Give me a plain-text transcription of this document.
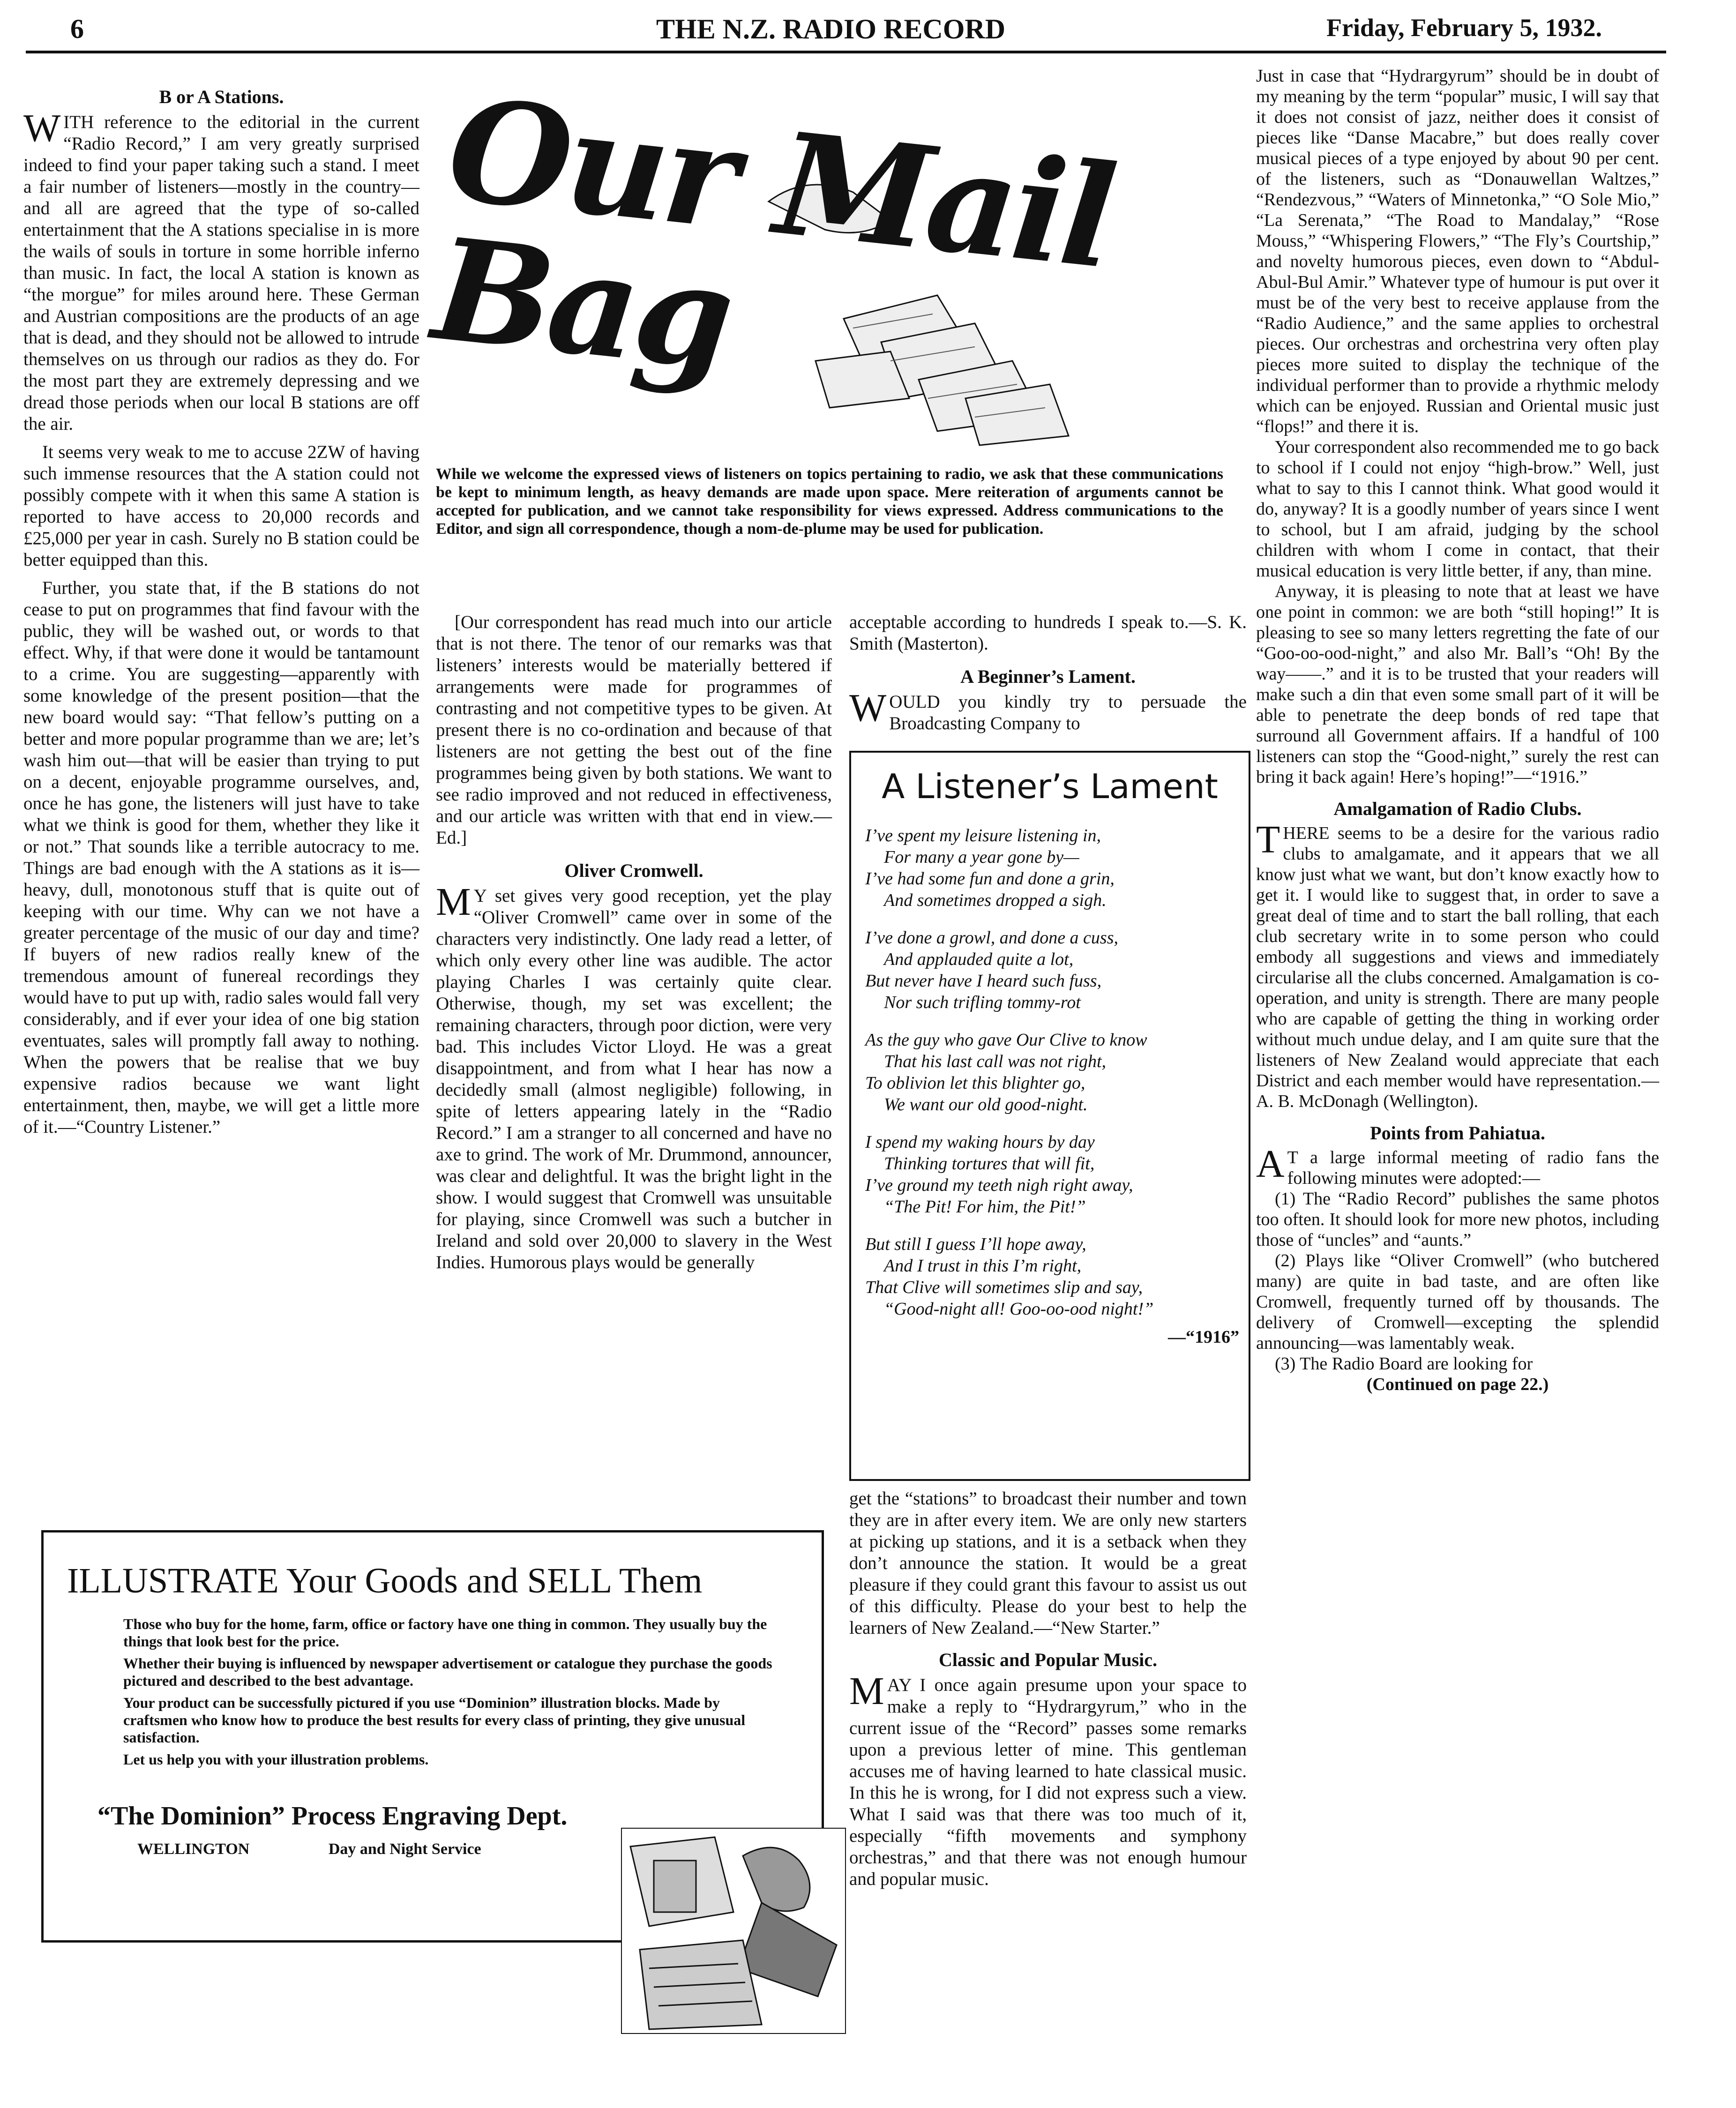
6	THE N.Z. RADIO RECORD	Friday, February 5, 1932.
B or A Stations.

WITH reference to the editorial in the current “Radio Record,” I am very greatly surprised indeed to find your paper taking such a stand. I meet a fair number of listeners—mostly in the country—and all are agreed that the type of so-called entertainment that the A stations specialise in is more the wails of souls in torture in some horrible inferno than music. In fact, the local A station is known as “the morgue” for miles around here. These German and Austrian compositions are the products of an age that is dead, and they should not be allowed to intrude themselves on us through our radios as they do. For the most part they are extremely depressing and we dread those periods when our local B stations are off the air.

It seems very weak to me to accuse 2ZW of having such immense resources that the A station could not possibly compete with it when this same A station is reported to have access to 20,000 records and £25,000 per year in cash. Surely no B station could be better equipped than this.

Further, you state that, if the B stations do not cease to put on programmes that find favour with the public, they will be washed out, or words to that effect. Why, if that were done it would be tantamount to a crime. You are suggesting—apparently with some knowledge of the present position—that the new board would say: “That fellow’s putting on a better and more popular programme than we are; let’s wash him out—that will be easier than trying to put on a decent, enjoyable programme ourselves, and, once he has gone, the listeners will just have to take what we think is good for them, whether they like it or not.” That sounds like a terrible autocracy to me. Things are bad enough with the A stations as it is—heavy, dull, monotonous stuff that is quite out of keeping with our time. Why can we not have a greater percentage of the music of our day and time? If buyers of new radios really knew of the tremendous amount of funereal recordings they would have to put up with, radio sales would fall very considerably, and if ever your idea of one big station eventuates, sales will promptly fall away to nothing. When the powers that be realise that we buy expensive radios because we want light entertainment, then, maybe, we will get a little more of it.—“Country Listener.”

Our Mail Bag
While we welcome the expressed views of listeners on topics pertaining to radio, we ask that these communications be kept to minimum length, as heavy demands are made upon space. Mere reiteration of arguments cannot be accepted for publication, and we cannot take responsibility for views expressed. Address communications to the Editor, and sign all correspondence, though a nom-de-plume may be used for publication.

[Our correspondent has read much into our article that is not there. The tenor of our remarks was that listeners’ interests would be materially bettered if arrangements were made for programmes of contrasting and not competitive types to be given. At present there is no co-ordination and because of that listeners are not getting the best out of the fine programmes being given by both stations. We want to see radio improved and not reduced in effectiveness, and our article was written with that end in view.—Ed.]

Oliver Cromwell.

MY set gives very good reception, yet the play “Oliver Cromwell” came over in some of the characters very indistinctly. One lady read a letter, of which only every other line was audible. The actor playing Charles I was certainly quite clear. Otherwise, though, my set was excellent; the remaining characters, through poor diction, were very bad. This includes Victor Lloyd. He was a great disappointment, and from what I hear has now a decidedly small (almost negligible) following, in spite of letters appearing lately in the “Radio Record.” I am a stranger to all concerned and have no axe to grind. The work of Mr. Drummond, announcer, was clear and delightful. It was the bright light in the show. I would suggest that Cromwell was unsuitable for playing, since Cromwell was such a butcher in Ireland and sold over 20,000 to slavery in the West Indies. Humorous plays would be generally

acceptable according to hundreds I speak to.—S. K. Smith (Masterton).

A Beginner’s Lament.

WOULD you kindly try to persuade the Broadcasting Company to

A Listener’s Lament
I’ve spent my leisure listening in,
For many a year gone by—
I’ve had some fun and done a grin,
And sometimes dropped a sigh.
I’ve done a growl, and done a cuss,
And applauded quite a lot,
But never have I heard such fuss,
Nor such trifling tommy-rot
As the guy who gave Our Clive to know
That his last call was not right,
To oblivion let this blighter go,
We want our old good-night.
I spend my waking hours by day
Thinking tortures that will fit,
I’ve ground my teeth nigh right away,
“The Pit! For him, the Pit!”
But still I guess I’ll hope away,
And I trust in this I’m right,
That Clive will sometimes slip and say,
“Good-night all! Goo-oo-ood night!”
—“1916”

get the “stations” to broadcast their number and town they are in after every item. We are only new starters at picking up stations, and it is a setback when they don’t announce the station. It would be a great pleasure if they could grant this favour to assist us out of this difficulty. Please do your best to help the learners of New Zealand.—“New Starter.”

Classic and Popular Music.

MAY I once again presume upon your space to make a reply to “Hydrargyrum,” who in the current issue of the “Record” passes some remarks upon a previous letter of mine. This gentleman accuses me of having learned to hate classical music. In this he is wrong, for I did not express such a view. What I said was that there was too much of it, especially “fifth movements and symphony orchestras,” and that there was not enough humour and popular music.

Just in case that “Hydrargyrum” should be in doubt of my meaning by the term “popular” music, I will say that it does not consist of jazz, neither does it consist of pieces like “Danse Macabre,” but does really cover musical pieces of a type enjoyed by about 90 per cent. of the listeners, such as “Donauwellan Waltzes,” “Rendezvous,” “Waters of Minnetonka,” “O Sole Mio,” “La Serenata,” “The Road to Mandalay,” “Rose Mouss,” “Whispering Flowers,” “The Fly’s Courtship,” and novelty humorous pieces, even down to “Abdul-Abul-Bul Amir.” Whatever type of humour is put over it must be of the very best to receive applause from the “Radio Audience,” and the same applies to orchestral pieces. Our orchestras and orchestrina very often play pieces more suited to display the technique of the individual performer than to provide a rhythmic melody which can be enjoyed. Russian and Oriental music just “flops!” and there it is.

Your correspondent also recommended me to go back to school if I could not enjoy “high-brow.” Well, just what to say to this I cannot think. What good would it do, anyway? It is a goodly number of years since I went to school, but I am afraid, judging by the school children with whom I come in contact, that their musical education is very little better, if any, than mine.

Anyway, it is pleasing to note that at least we have one point in common: we are both “still hoping!” It is pleasing to see so many letters regretting the fate of our “Goo-oo-ood-night,” and also Mr. Ball’s “Oh! By the way——.” and it is to be trusted that your readers will make such a din that even some small part of it will be able to penetrate the deep bonds of red tape that surround all Government affairs. If a handful of 100 listeners can stop the “Good-night,” surely the rest can bring it back again! Here’s hoping!”—“1916.”

Amalgamation of Radio Clubs.

THERE seems to be a desire for the various radio clubs to amalgamate, and it appears that we all know just what we want, but don’t know exactly how to get it. I would like to suggest that, in order to save a great deal of time and to start the ball rolling, that each club secretary write in to some person who could embody all suggestions and views and immediately circularise all the clubs concerned. Amalgamation is co-operation, and unity is strength. There are many people who are capable of getting the thing in working order without much undue delay, and I am quite sure that the listeners of New Zealand would appreciate that each District and each member would have representation.—A. B. McDonagh (Wellington).

Points from Pahiatua.

AT a large informal meeting of radio fans the following minutes were adopted:—

(1) The “Radio Record” publishes the same photos too often. It should look for more new photos, including those of “uncles” and “aunts.”

(2) Plays like “Oliver Cromwell” (who butchered many) are quite in bad taste, and are often like Cromwell, frequently turned off by thousands. The delivery of Cromwell—excepting the splendid announcing—was lamentably weak.

(3) The Radio Board are looking for

(Continued on page 22.)

ILLUSTRATE Your Goods and SELL Them

Those who buy for the home, farm, office or factory have one thing in common. They usually buy the things that look best for the price.

Whether their buying is influenced by newspaper advertisement or catalogue they purchase the goods pictured and described to the best advantage.

Your product can be successfully pictured if you use “Dominion” illustration blocks. Made by craftsmen who know how to produce the best results for every class of printing, they give unusual satisfaction.

Let us help you with your illustration problems.

“The Dominion” Process Engraving Dept.
WELLINGTON	Day and Night Service
